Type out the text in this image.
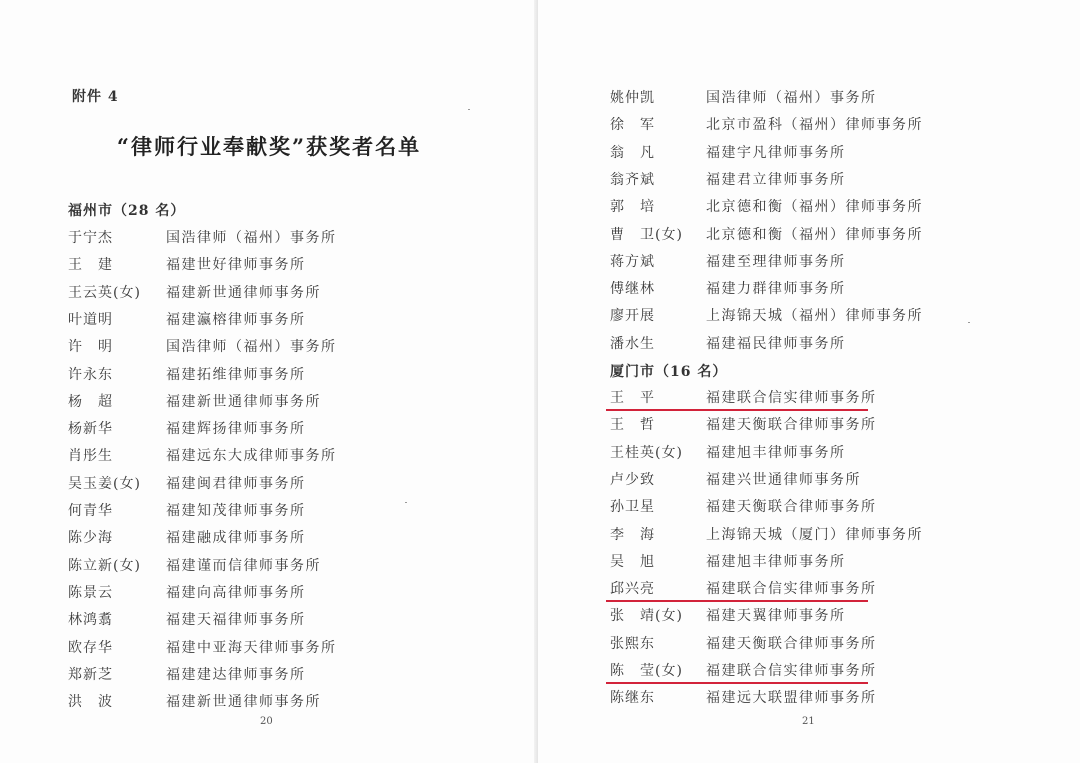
附件 4
“律师行业奉献奖”获奖者名单
福州市（28 名）
于宁杰	国浩律师（福州）事务所
王　建	福建世好律师事务所
王云英(女) 福建新世通律师事务所
叶道明	福建瀛榕律师事务所
许　明	国浩律师（福州）事务所
许永东	福建拓维律师事务所
杨　超	福建新世通律师事务所
杨新华	福建辉扬律师事务所
肖彤生	福建远东大成律师事务所
吴玉姜(女) 福建闽君律师事务所
何青华	福建知茂律师事务所
陈少海	福建融成律师事务所
陈立新(女) 福建谨而信律师事务所
陈景云	福建向高律师事务所
林鸿翥	福建天福律师事务所
欧存华	福建中亚海天律师事务所
郑新芝	福建建达律师事务所
洪　波	福建新世通律师事务所
20
姚仲凯	国浩律师（福州）事务所
徐　军	北京市盈科（福州）律师事务所
翁　凡	福建宇凡律师事务所
翁齐斌	福建君立律师事务所
郭　培	北京德和衡（福州）律师事务所
曹　卫(女) 北京德和衡（福州）律师事务所
蒋方斌	福建至理律师事务所
傅继林	福建力群律师事务所
廖开展	上海锦天城（福州）律师事务所
潘水生	福建福民律师事务所
厦门市（16 名）
王　平	福建联合信实律师事务所
王　哲	福建天衡联合律师事务所
王桂英(女) 福建旭丰律师事务所
卢少致	福建兴世通律师事务所
孙卫星	福建天衡联合律师事务所
李　海	上海锦天城（厦门）律师事务所
吴　旭	福建旭丰律师事务所
邱兴亮	福建联合信实律师事务所
张　靖(女) 福建天翼律师事务所
张熙东	福建天衡联合律师事务所
陈　莹(女) 福建联合信实律师事务所
陈继东	福建远大联盟律师事务所
21
